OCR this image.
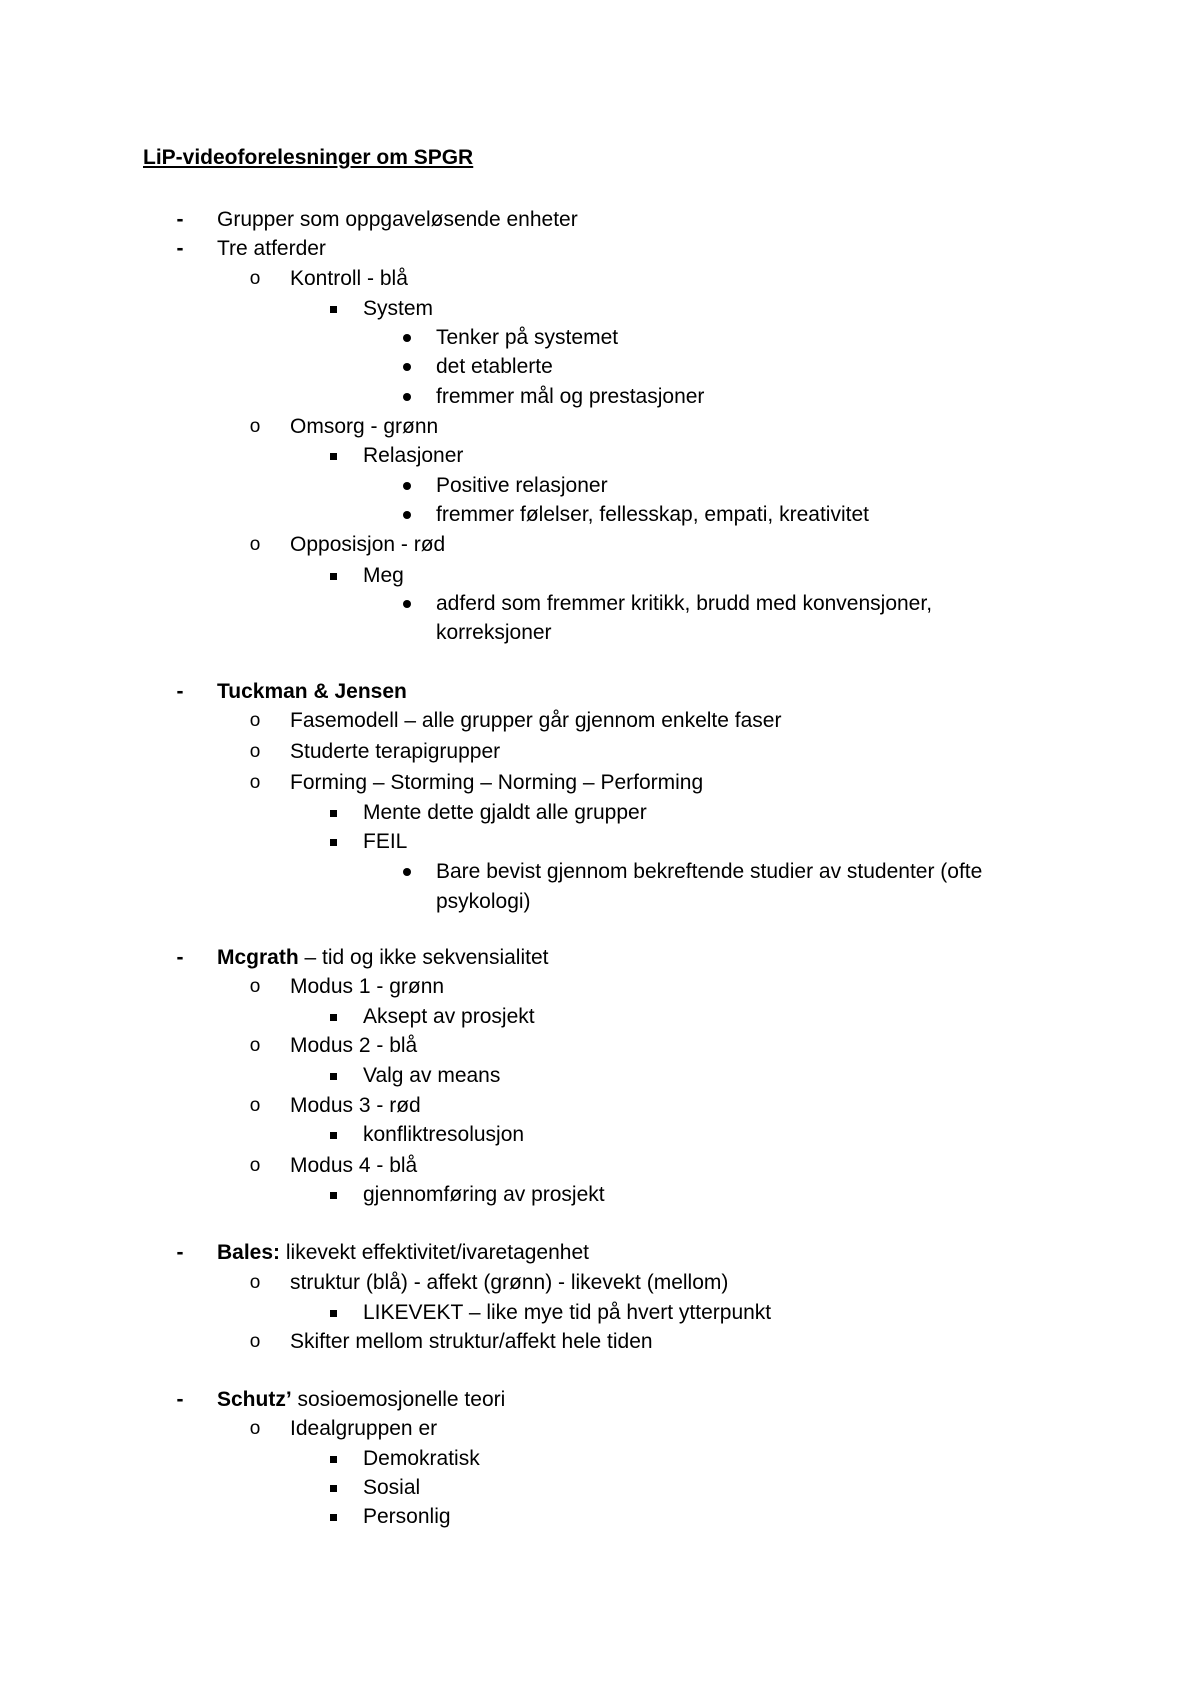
LiP-videoforelesninger om SPGR
-	Grupper som oppgaveløsende enheter
-	Tre atferder
o Kontroll - blå
System
Tenker på systemet
det etablerte
fremmer mål og prestasjoner
o Omsorg - grønn
Relasjoner
Positive relasjoner
fremmer følelser, fellesskap, empati, kreativitet
o Opposisjon - rød
Meg
adferd som fremmer kritikk, brudd med konvensjoner,
korreksjoner
-	Tuckman & Jensen
o Fasemodell – alle grupper går gjennom enkelte faser
o Studerte terapigrupper
o Forming – Storming – Norming – Performing
Mente dette gjaldt alle grupper
FEIL
Bare bevist gjennom bekreftende studier av studenter (ofte
psykologi)
-	Mcgrath – tid og ikke sekvensialitet
o Modus 1 - grønn
Aksept av prosjekt
o Modus 2 - blå
Valg av means
o Modus 3 - rød
konfliktresolusjon
o Modus 4 - blå
gjennomføring av prosjekt
-	Bales: likevekt effektivitet/ivaretagenhet
o struktur (blå) - affekt (grønn) - likevekt (mellom)
LIKEVEKT – like mye tid på hvert ytterpunkt
o Skifter mellom struktur/affekt hele tiden
-	Schutz’ sosioemosjonelle teori
o Idealgruppen er
Demokratisk
Sosial
Personlig
